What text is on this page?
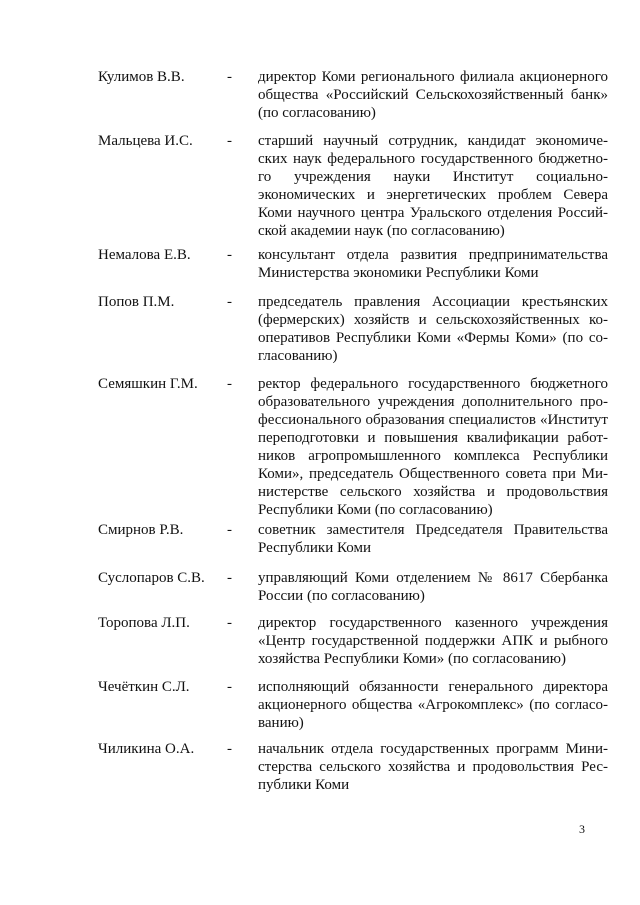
Кулимов В.В.	- директор Коми регионального филиала акционерного
общества «Российский Сельскохозяйственный банк»
(по согласованию)
Мальцева И.С. - старший научный сотрудник, кандидат экономиче-
ских наук федерального государственного бюджетно-
го учреждения науки Институт социально-
экономических и энергетических проблем Севера
Коми научного центра Уральского отделения Россий-
ской академии наук (по согласованию)
Немалова Е.В. - консультант отдела развития предпринимательства
Министерства экономики Республики Коми
Попов П.М.	- председатель правления Ассоциации крестьянских
(фермерских) хозяйств и сельскохозяйственных ко-
оперативов Республики Коми «Фермы Коми» (по со-
гласованию)
Семяшкин Г.М. - ректор федерального государственного бюджетного
образовательного учреждения дополнительного про-
фессионального образования специалистов «Институт
переподготовки и повышения квалификации работ-
ников агропромышленного комплекса Республики
Коми», председатель Общественного совета при Ми-
нистерстве сельского хозяйства и продовольствия
Республики Коми (по согласованию)
Смирнов Р.В.	- советник заместителя Председателя Правительства
Республики Коми
Суслопаров С.В. - управляющий Коми отделением № 8617 Сбербанка
России (по согласованию)
Торопова Л.П. - директор государственного казенного учреждения
«Центр государственной поддержки АПК и рыбного
хозяйства Республики Коми» (по согласованию)
Чечёткин С.Л. - исполняющий обязанности генерального директора
акционерного общества «Агрокомплекс» (по согласо-
ванию)
Чиликина О.А. - начальник отдела государственных программ Мини-
стерства сельского хозяйства и продовольствия Рес-
публики Коми
3
